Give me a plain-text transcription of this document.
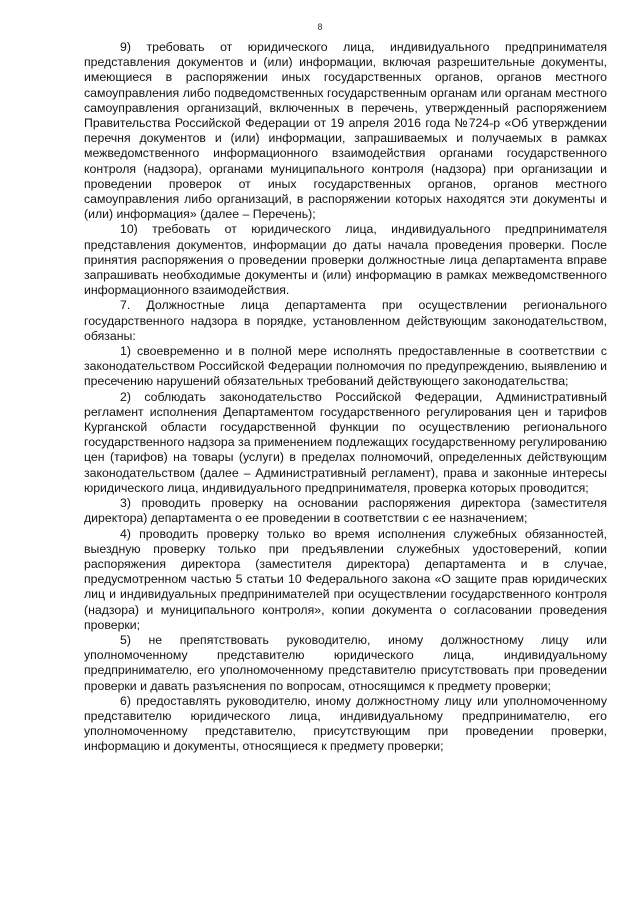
8

9) требовать от юридического лица, индивидуального предпринимателя представления документов и (или) информации, включая разрешительные документы, имеющиеся в распоряжении иных государственных органов, органов местного самоуправления либо подведомственных государственным органам или органам местного самоуправления организаций, включенных в перечень, утвержденный распоряжением Правительства Российской Федерации от 19 апреля 2016 года №724-р «Об утверждении перечня документов и (или) информации, запрашиваемых и получаемых в рамках межведомственного информационного взаимодействия органами государственного контроля (надзора), органами муниципального контроля (надзора) при организации и проведении проверок от иных государственных органов, органов местного самоуправления либо организаций, в распоряжении которых находятся эти документы и (или) информация» (далее – Перечень);

10) требовать от юридического лица, индивидуального предпринимателя представления документов, информации до даты начала проведения проверки. После принятия распоряжения о проведении проверки должностные лица департамента вправе запрашивать необходимые документы и (или) информацию в рамках межведомственного информационного взаимодействия.

7. Должностные лица департамента при осуществлении регионального государственного надзора в порядке, установленном действующим законодательством, обязаны:

1) своевременно и в полной мере исполнять предоставленные в соответствии с законодательством Российской Федерации полномочия по предупреждению, выявлению и пресечению нарушений обязательных требований действующего законодательства;

2) соблюдать законодательство Российской Федерации, Административный регламент исполнения Департаментом государственного регулирования цен и тарифов Курганской области государственной функции по осуществлению регионального государственного надзора за применением подлежащих государственному регулированию цен (тарифов) на товары (услуги) в пределах полномочий, определенных действующим законодательством (далее – Административный регламент), права и законные интересы юридического лица, индивидуального предпринимателя, проверка которых проводится;

3) проводить проверку на основании распоряжения директора (заместителя директора) департамента о ее проведении в соответствии с ее назначением;

4) проводить проверку только во время исполнения служебных обязанностей, выездную проверку только при предъявлении служебных удостоверений, копии распоряжения директора (заместителя директора) департамента и в случае, предусмотренном частью 5 статьи 10 Федерального закона «О защите прав юридических лиц и индивидуальных предпринимателей при осуществлении государственного контроля (надзора) и муниципального контроля», копии документа о согласовании проведения проверки;

5) не препятствовать руководителю, иному должностному лицу или уполномоченному представителю юридического лица, индивидуальному предпринимателю, его уполномоченному представителю присутствовать при проведении проверки и давать разъяснения по вопросам, относящимся к предмету проверки;

6) предоставлять руководителю, иному должностному лицу или уполномоченному представителю юридического лица, индивидуальному предпринимателю, его уполномоченному представителю, присутствующим при проведении проверки, информацию и документы, относящиеся к предмету проверки;
